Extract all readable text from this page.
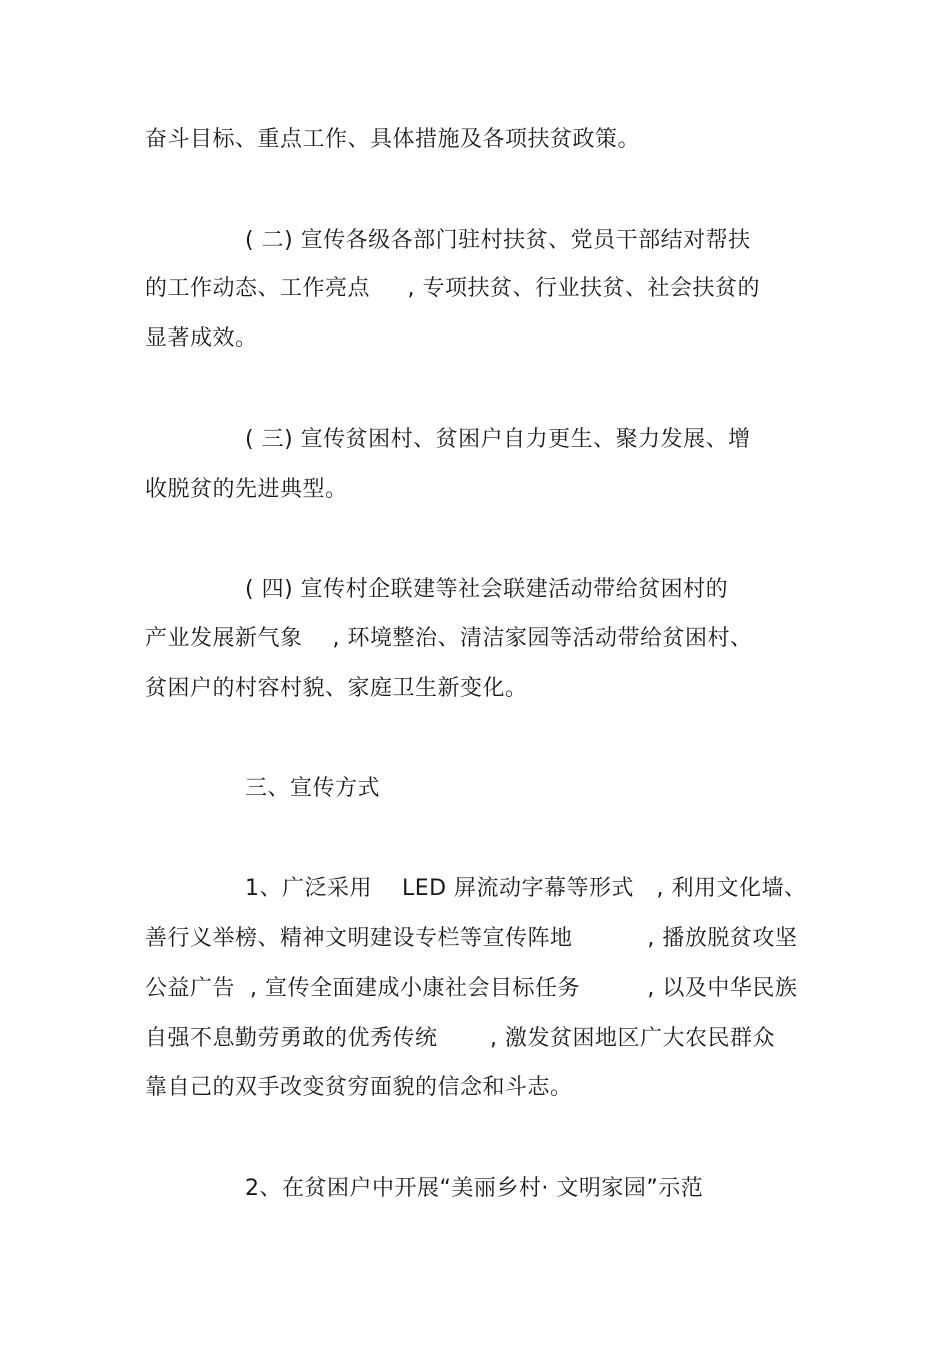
奋斗目标、重点工作、具体措施及各项扶贫政策。
( 二) 宣传各级各部门驻村扶贫、党员干部结对帮扶
的工作动态、工作亮点     , 专项扶贫、行业扶贫、社会扶贫的
显著成效。
( 三) 宣传贫困村、贫困户自力更生、聚力发展、增
收脱贫的先进典型。
( 四) 宣传村企联建等社会联建活动带给贫困村的
产业发展新气象    , 环境整治、清洁家园等活动带给贫困村、
贫困户的村容村貌、家庭卫生新变化。
三、宣传方式
1、广泛采用    LED 屏流动字幕等形式   , 利用文化墙、
善行义举榜、精神文明建设专栏等宣传阵地          , 播放脱贫攻坚
公益广告  , 宣传全面建成小康社会目标任务         , 以及中华民族
自强不息勤劳勇敢的优秀传统       , 激发贫困地区广大农民群众
靠自己的双手改变贫穷面貌的信念和斗志。
2、在贫困户中开展“美丽乡村· 文明家园”示范
